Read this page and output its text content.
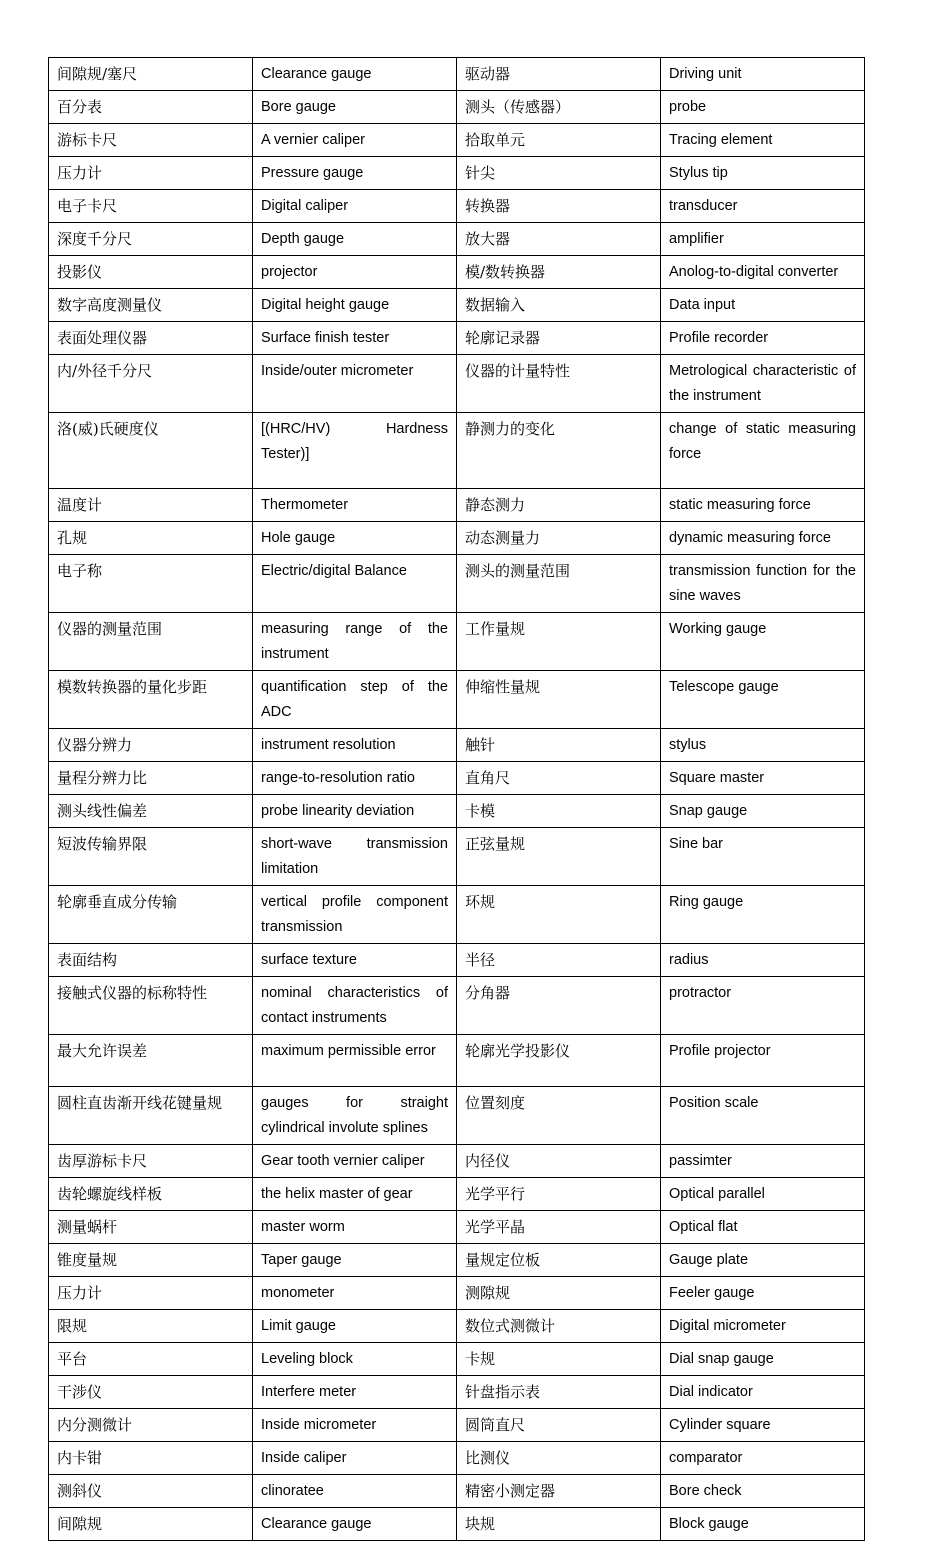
间隙规/塞尺	Clearance gauge	驱动器	Driving unit
百分表	Bore gauge	测头（传感器）	probe
游标卡尺	A vernier caliper	拾取单元	Tracing element
压力计	Pressure gauge	针尖	Stylus tip
电子卡尺	Digital caliper	转换器	transducer
深度千分尺	Depth gauge	放大器	amplifier
投影仪	projector	模/数转换器	Anolog-to-digital converter
数字高度测量仪	Digital height gauge	数据输入	Data input
表面处理仪器	Surface finish tester	轮廓记录器	Profile recorder
内/外径千分尺	Inside/outer micrometer	仪器的计量特性	Metrological characteristic of the instrument
洛(威)氏硬度仪	[(HRC/HV) Hardness Tester)]	静测力的变化	change of static measuring force
温度计	Thermometer	静态测力	static measuring force
孔规	Hole gauge	动态测量力	dynamic measuring force
电子称	Electric/digital Balance	测头的测量范围	transmission function for the sine waves
仪器的测量范围	measuring range of the instrument	工作量规	Working gauge
模数转换器的量化步距	quantification step of the ADC	伸缩性量规	Telescope gauge
仪器分辨力	instrument resolution	触针	stylus
量程分辨力比	range-to-resolution ratio	直角尺	Square master
测头线性偏差	probe linearity deviation	卡模	Snap gauge
短波传输界限	short-wave transmission limitation	正弦量规	Sine bar
轮廓垂直成分传输	vertical profile component transmission	环规	Ring gauge
表面结构	surface texture	半径	radius
接触式仪器的标称特性	nominal characteristics of contact instruments	分角器	protractor
最大允许误差	maximum permissible error	轮廓光学投影仪	Profile projector
圆柱直齿渐开线花键量规	gauges for straight cylindrical involute splines	位置刻度	Position scale
齿厚游标卡尺	Gear tooth vernier caliper	内径仪	passimter
齿轮螺旋线样板	the helix master of gear	光学平行	Optical parallel
测量蜗杆	master worm	光学平晶	Optical flat
锥度量规	Taper gauge	量规定位板	Gauge plate
压力计	monometer	测隙规	Feeler gauge
限规	Limit gauge	数位式测微计	Digital micrometer
平台	Leveling block	卡规	Dial snap gauge
干涉仪	Interfere meter	针盘指示表	Dial indicator
内分测微计	Inside micrometer	圆筒直尺	Cylinder square
内卡钳	Inside caliper	比测仪	comparator
测斜仪	clinoratee	精密小测定器	Bore check
间隙规	Clearance gauge	块规	Block gauge
